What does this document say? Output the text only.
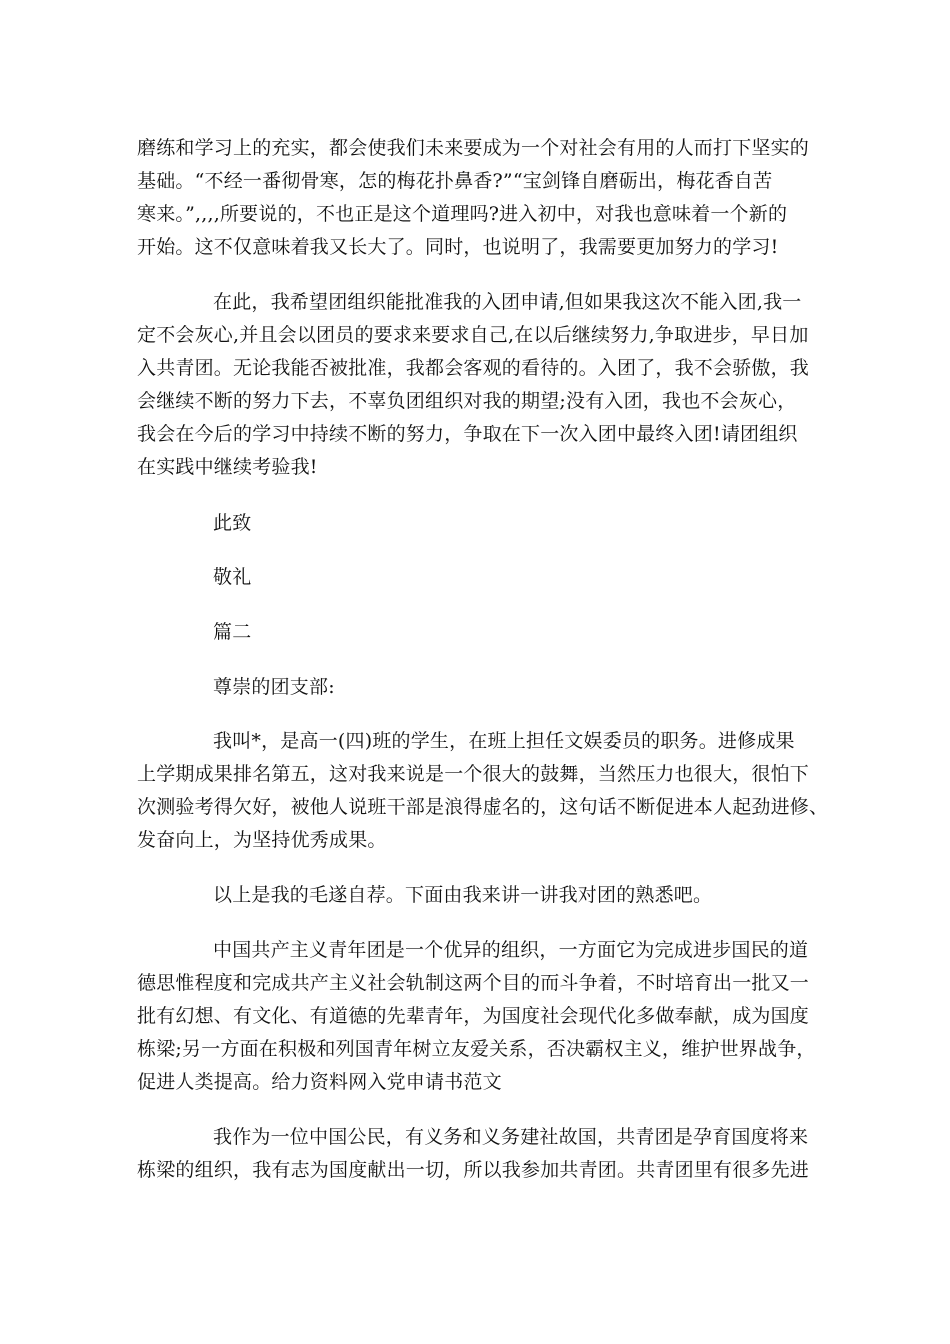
磨练和学习上的充实，都会使我们未来要成为一个对社会有用的人而打下坚实的
基础。“不经一番彻骨寒，怎的梅花扑鼻香?”“宝剑锋自磨砺出，梅花香自苦
寒来。”,,,,所要说的，不也正是这个道理吗?进入初中，对我也意味着一个新的
开始。这不仅意味着我又长大了。同时，也说明了，我需要更加努力的学习!
在此，我希望团组织能批准我的入团申请,但如果我这次不能入团,我一
定不会灰心,并且会以团员的要求来要求自己,在以后继续努力,争取进步，早日加
入共青团。无论我能否被批准，我都会客观的看待的。入团了，我不会骄傲，我
会继续不断的努力下去，不辜负团组织对我的期望;没有入团，我也不会灰心，
我会在今后的学习中持续不断的努力，争取在下一次入团中最终入团!请团组织
在实践中继续考验我!
此致
敬礼
篇二
尊崇的团支部:
我叫*，是高一(四)班的学生，在班上担任文娱委员的职务。进修成果
上学期成果排名第五，这对我来说是一个很大的鼓舞，当然压力也很大，很怕下
次测验考得欠好，被他人说班干部是浪得虚名的，这句话不断促进本人起劲进修、
发奋向上，为坚持优秀成果。
以上是我的毛遂自荐。下面由我来讲一讲我对团的熟悉吧。
中国共产主义青年团是一个优异的组织，一方面它为完成进步国民的道
德思惟程度和完成共产主义社会轨制这两个目的而斗争着，不时培育出一批又一
批有幻想、有文化、有道德的先辈青年，为国度社会现代化多做奉献，成为国度
栋梁;另一方面在积极和列国青年树立友爱关系，否决霸权主义，维护世界战争，
促进人类提高。给力资料网入党申请书范文
我作为一位中国公民，有义务和义务建社故国，共青团是孕育国度将来
栋梁的组织，我有志为国度献出一切，所以我参加共青团。共青团里有很多先进
